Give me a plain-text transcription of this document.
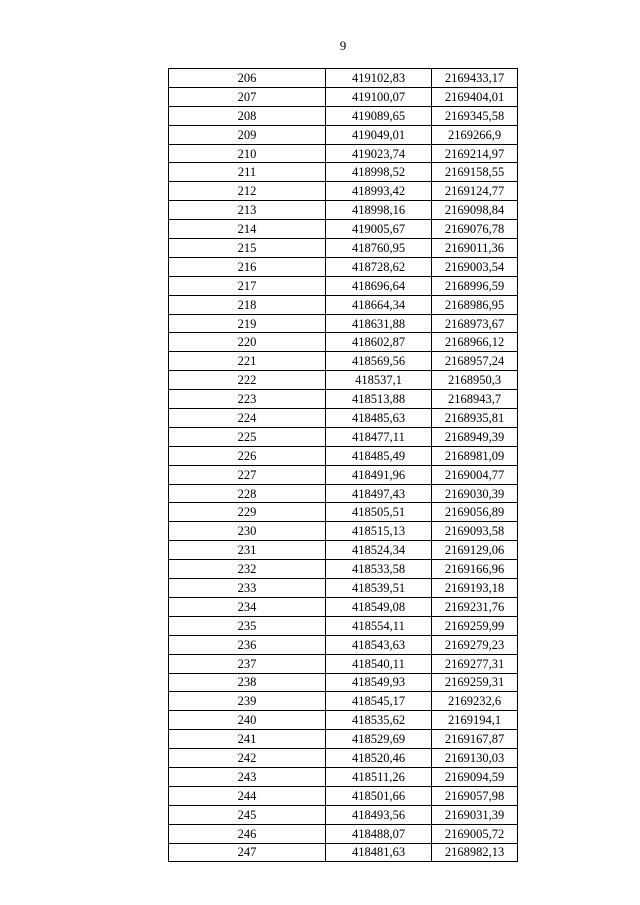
9
206	419102,83	2169433,17
207	419100,07	2169404,01
208	419089,65	2169345,58
209	419049,01	2169266,9
210	419023,74	2169214,97
211	418998,52	2169158,55
212	418993,42	2169124,77
213	418998,16	2169098,84
214	419005,67	2169076,78
215	418760,95	2169011,36
216	418728,62	2169003,54
217	418696,64	2168996,59
218	418664,34	2168986,95
219	418631,88	2168973,67
220	418602,87	2168966,12
221	418569,56	2168957,24
222	418537,1	2168950,3
223	418513,88	2168943,7
224	418485,63	2168935,81
225	418477,11	2168949,39
226	418485,49	2168981,09
227	418491,96	2169004,77
228	418497,43	2169030,39
229	418505,51	2169056,89
230	418515,13	2169093,58
231	418524,34	2169129,06
232	418533,58	2169166,96
233	418539,51	2169193,18
234	418549,08	2169231,76
235	418554,11	2169259,99
236	418543,63	2169279,23
237	418540,11	2169277,31
238	418549,93	2169259,31
239	418545,17	2169232,6
240	418535,62	2169194,1
241	418529,69	2169167,87
242	418520,46	2169130,03
243	418511,26	2169094,59
244	418501,66	2169057,98
245	418493,56	2169031,39
246	418488,07	2169005,72
247	418481,63	2168982,13
